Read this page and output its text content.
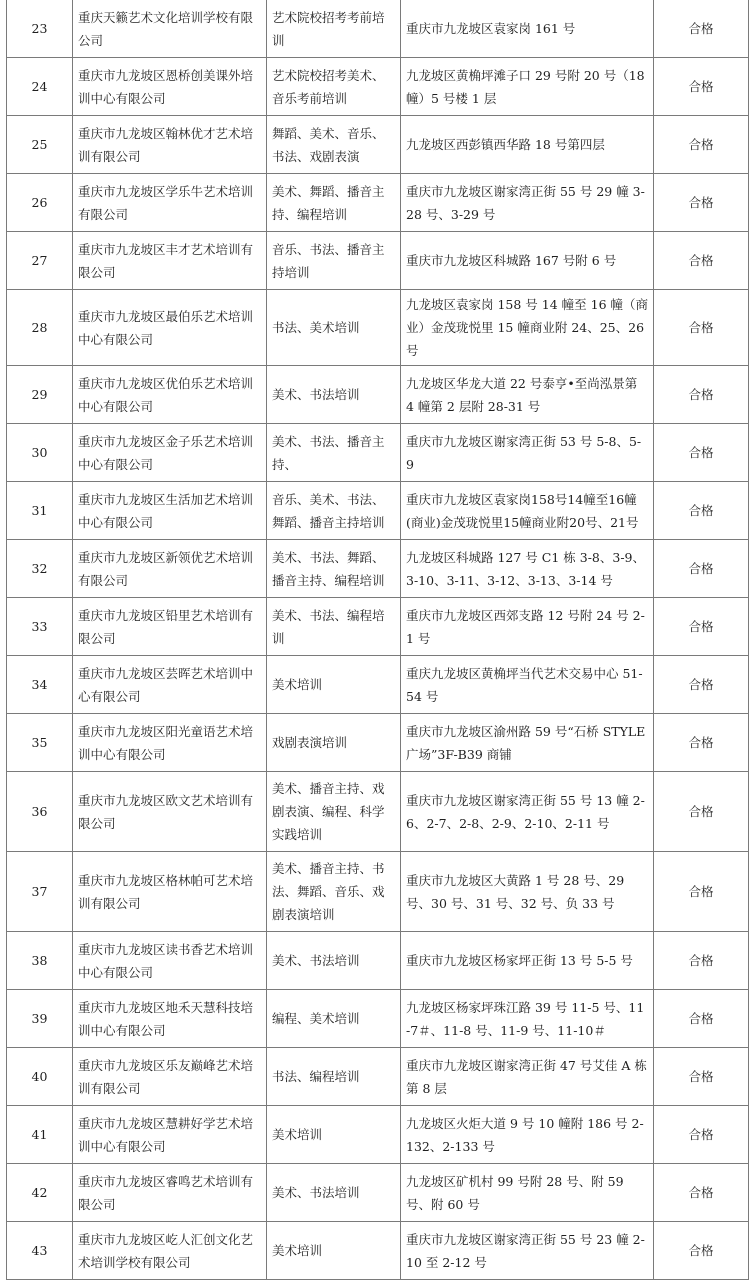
23	重庆天籁艺术文化培训学校有限公司	艺术院校招考考前培训	重庆市九龙坡区袁家岗 161 号	合格
24	重庆市九龙坡区恩桥创美课外培训中心有限公司	艺术院校招考美术、音乐考前培训	九龙坡区黄桷坪滩子口 29 号附 20 号（18 幢）5 号楼 1 层	合格
25	重庆市九龙坡区翰林优才艺术培训有限公司	舞蹈、美术、音乐、书法、戏剧表演	九龙坡区西彭镇西华路 18 号第四层	合格
26	重庆市九龙坡区学乐牛艺术培训有限公司	美术、舞蹈、播音主持、编程培训	重庆市九龙坡区谢家湾正街 55 号 29 幢 3-28 号、3-29 号	合格
27	重庆市九龙坡区丰才艺术培训有限公司	音乐、书法、播音主持培训	重庆市九龙坡区科城路 167 号附 6 号	合格
28	重庆市九龙坡区最伯乐艺术培训中心有限公司	书法、美术培训	九龙坡区袁家岗 158 号 14 幢至 16 幢（商业）金茂珑悦里 15 幢商业附 24、25、26 号	合格
29	重庆市九龙坡区优伯乐艺术培训中心有限公司	美术、书法培训	九龙坡区华龙大道 22 号泰亨•至尚泓景第 4 幢第 2 层附 28-31 号	合格
30	重庆市九龙坡区金子乐艺术培训中心有限公司	美术、书法、播音主持、	重庆市九龙坡区谢家湾正街 53 号 5-8、5-9	合格
31	重庆市九龙坡区生活加艺术培训中心有限公司	音乐、美术、书法、舞蹈、播音主持培训	重庆市九龙坡区袁家岗158号14幢至16幢(商业)金茂珑悦里15幢商业附20号、21号	合格
32	重庆市九龙坡区新领优艺术培训有限公司	美术、书法、舞蹈、播音主持、编程培训	九龙坡区科城路 127 号 C1 栋 3-8、3-9、3-10、3-11、3-12、3-13、3-14 号	合格
33	重庆市九龙坡区铅里艺术培训有限公司	美术、书法、编程培训	重庆市九龙坡区西郊支路 12 号附 24 号 2-1 号	合格
34	重庆市九龙坡区芸晖艺术培训中心有限公司	美术培训	重庆九龙坡区黄桷坪当代艺术交易中心 51-54 号	合格
35	重庆市九龙坡区阳光童语艺术培训中心有限公司	戏剧表演培训	重庆市九龙坡区渝州路 59 号“石桥 STYLE 广场”3F-B39 商铺	合格
36	重庆市九龙坡区欧文艺术培训有限公司	美术、播音主持、戏剧表演、编程、科学实践培训	重庆市九龙坡区谢家湾正街 55 号 13 幢 2-6、2-7、2-8、2-9、2-10、2-11 号	合格
37	重庆市九龙坡区格林帕可艺术培训有限公司	美术、播音主持、书法、舞蹈、音乐、戏剧表演培训	重庆市九龙坡区大黄路 1 号 28 号、29 号、30 号、31 号、32 号、负 33 号	合格
38	重庆市九龙坡区读书香艺术培训中心有限公司	美术、书法培训	重庆市九龙坡区杨家坪正街 13 号 5-5 号	合格
39	重庆市九龙坡区地禾天慧科技培训中心有限公司	编程、美术培训	九龙坡区杨家坪珠江路 39 号 11-5 号、11-7＃、11-8 号、11-9 号、11-10＃	合格
40	重庆市九龙坡区乐友巅峰艺术培训有限公司	书法、编程培训	重庆市九龙坡区谢家湾正街 47 号艾佳 A 栋第 8 层	合格
41	重庆市九龙坡区慧耕好学艺术培训中心有限公司	美术培训	九龙坡区火炬大道 9 号 10 幢附 186 号 2-132、2-133 号	合格
42	重庆市九龙坡区睿鸣艺术培训有限公司	美术、书法培训	九龙坡区矿机村 99 号附 28 号、附 59 号、附 60 号	合格
43	重庆市九龙坡区屹人汇创文化艺术培训学校有限公司	美术培训	重庆市九龙坡区谢家湾正街 55 号 23 幢 2-10 至 2-12 号	合格
